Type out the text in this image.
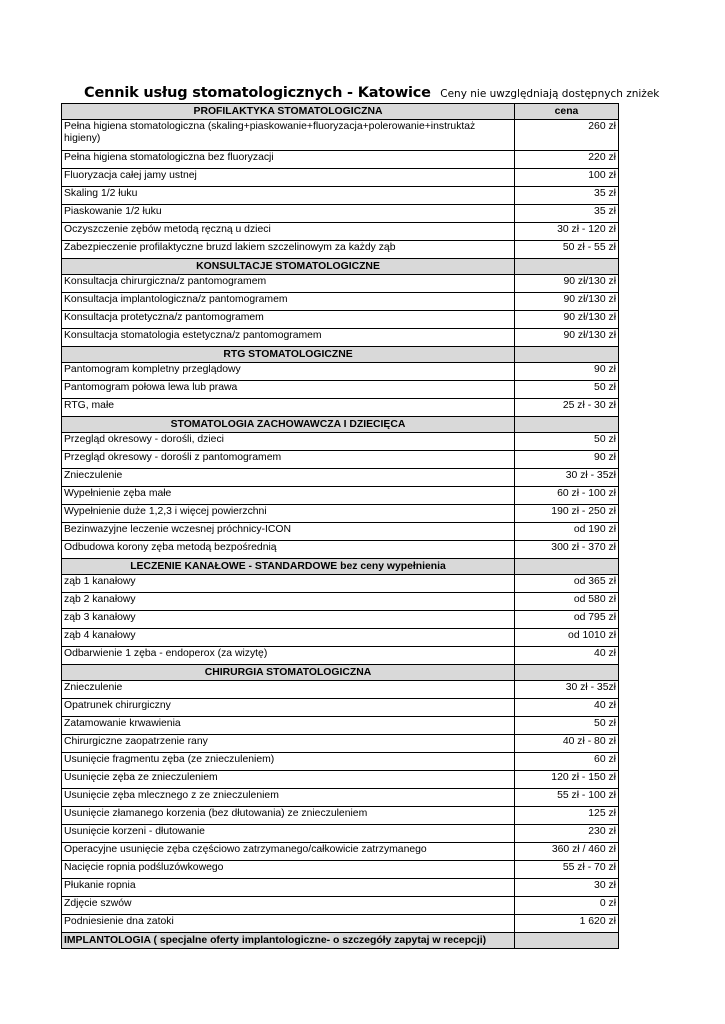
Cennik usług stomatologicznych - Katowice Ceny nie uwzględniają dostępnych zniżek
PROFILAKTYKA STOMATOLOGICZNA	cena
Pełna higiena stomatologiczna (skaling+piaskowanie+fluoryzacja+polerowanie+instruktaż higieny)	260 zł
Pełna higiena stomatologiczna bez fluoryzacji	220 zł
Fluoryzacja całej jamy ustnej	100 zł
Skaling 1/2 łuku	35 zł
Piaskowanie 1/2 łuku	35 zł
Oczyszczenie zębów metodą ręczną u dzieci	30 zł - 120 zł
Zabezpieczenie profilaktyczne bruzd lakiem szczelinowym za każdy ząb	50 zł - 55 zł
KONSULTACJE STOMATOLOGICZNE	
Konsultacja chirurgiczna/z pantomogramem	90 zł/130 zł
Konsultacja implantologiczna/z pantomogramem	90 zł/130 zł
Konsultacja protetyczna/z pantomogramem	90 zł/130 zł
Konsultacja stomatologia estetyczna/z pantomogramem	90 zł/130 zł
RTG STOMATOLOGICZNE	
Pantomogram kompletny przeglądowy	90 zł
Pantomogram połowa lewa lub prawa	50 zł
RTG, małe	25 zł - 30 zł
STOMATOLOGIA ZACHOWAWCZA I DZIECIĘCA	
Przegląd okresowy - dorośli, dzieci	50 zł
Przegląd okresowy - dorośli z pantomogramem	90 zł
Znieczulenie	30 zł - 35zł
Wypełnienie zęba małe	60 zł - 100 zł
Wypełnienie duże 1,2,3 i więcej powierzchni	190 zł - 250 zł
Bezinwazyjne leczenie wczesnej próchnicy-ICON	od 190 zł
Odbudowa korony zęba metodą bezpośrednią	300 zł - 370 zł
LECZENIE KANAŁOWE - STANDARDOWE bez ceny wypełnienia	
ząb 1 kanałowy	od 365 zł
ząb 2 kanałowy	od 580 zł
ząb 3 kanałowy	od 795 zł
ząb 4 kanałowy	od 1010 zł
Odbarwienie 1 zęba - endoperox (za wizytę)	40 zł
CHIRURGIA STOMATOLOGICZNA	
Znieczulenie	30 zł - 35zł
Opatrunek chirurgiczny	40 zł
Zatamowanie krwawienia	50 zł
Chirurgiczne zaopatrzenie rany	40 zł - 80 zł
Usunięcie fragmentu zęba (ze znieczuleniem)	60 zł
Usunięcie zęba ze znieczuleniem	120 zł - 150 zł
Usunięcie zęba mlecznego z ze znieczuleniem	55 zł - 100 zł
Usunięcie złamanego korzenia (bez dłutowania) ze znieczuleniem	125 zł
Usunięcie korzeni - dłutowanie	230 zł
Operacyjne usunięcie zęba częściowo zatrzymanego/całkowicie zatrzymanego	360 zł / 460 zł
Nacięcie ropnia podśluzówkowego	55 zł - 70 zł
Płukanie ropnia	30 zł
Zdjęcie szwów	0 zł
Podniesienie dna zatoki	1 620 zł
IMPLANTOLOGIA ( specjalne oferty implantologiczne- o szczegóły zapytaj w recepcji)	
